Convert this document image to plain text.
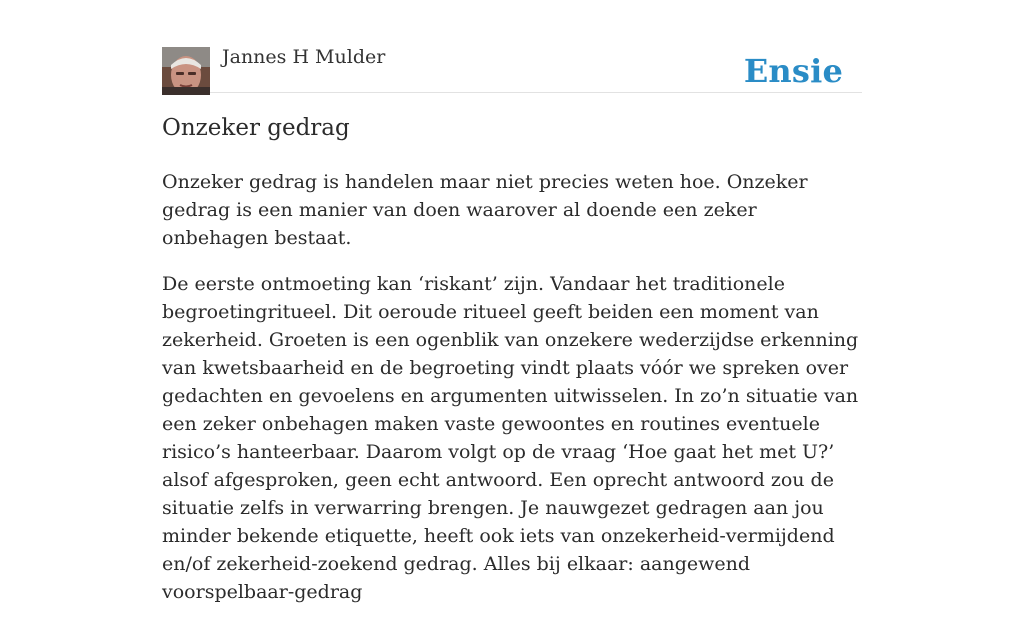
Jannes H Mulder	Ensie
Onzeker gedrag

Onzeker gedrag is handelen maar niet precies weten hoe. Onzeker gedrag is een manier van doen waarover al doende een zeker onbehagen bestaat.

De eerste ontmoeting kan ‘riskant’ zijn. Vandaar het traditionele begroetingritueel. Dit oeroude ritueel geeft beiden een moment van zekerheid. Groeten is een ogenblik van onzekere wederzijdse erkenning van kwetsbaarheid en de begroeting vindt plaats vóór we spreken over gedachten en gevoelens en argumenten uitwisselen. In zo’n situatie van een zeker onbehagen maken vaste gewoontes en routines eventuele risico’s hanteerbaar. Daarom volgt op de vraag ‘Hoe gaat het met U?’ alsof afgesproken, geen echt antwoord. Een oprecht antwoord zou de situatie zelfs in verwarring brengen. Je nauwgezet gedragen aan jou minder bekende etiquette, heeft ook iets van onzekerheid-vermijdend en/of zekerheid-zoekend gedrag. Alles bij elkaar: aangewend voorspelbaar-gedrag
